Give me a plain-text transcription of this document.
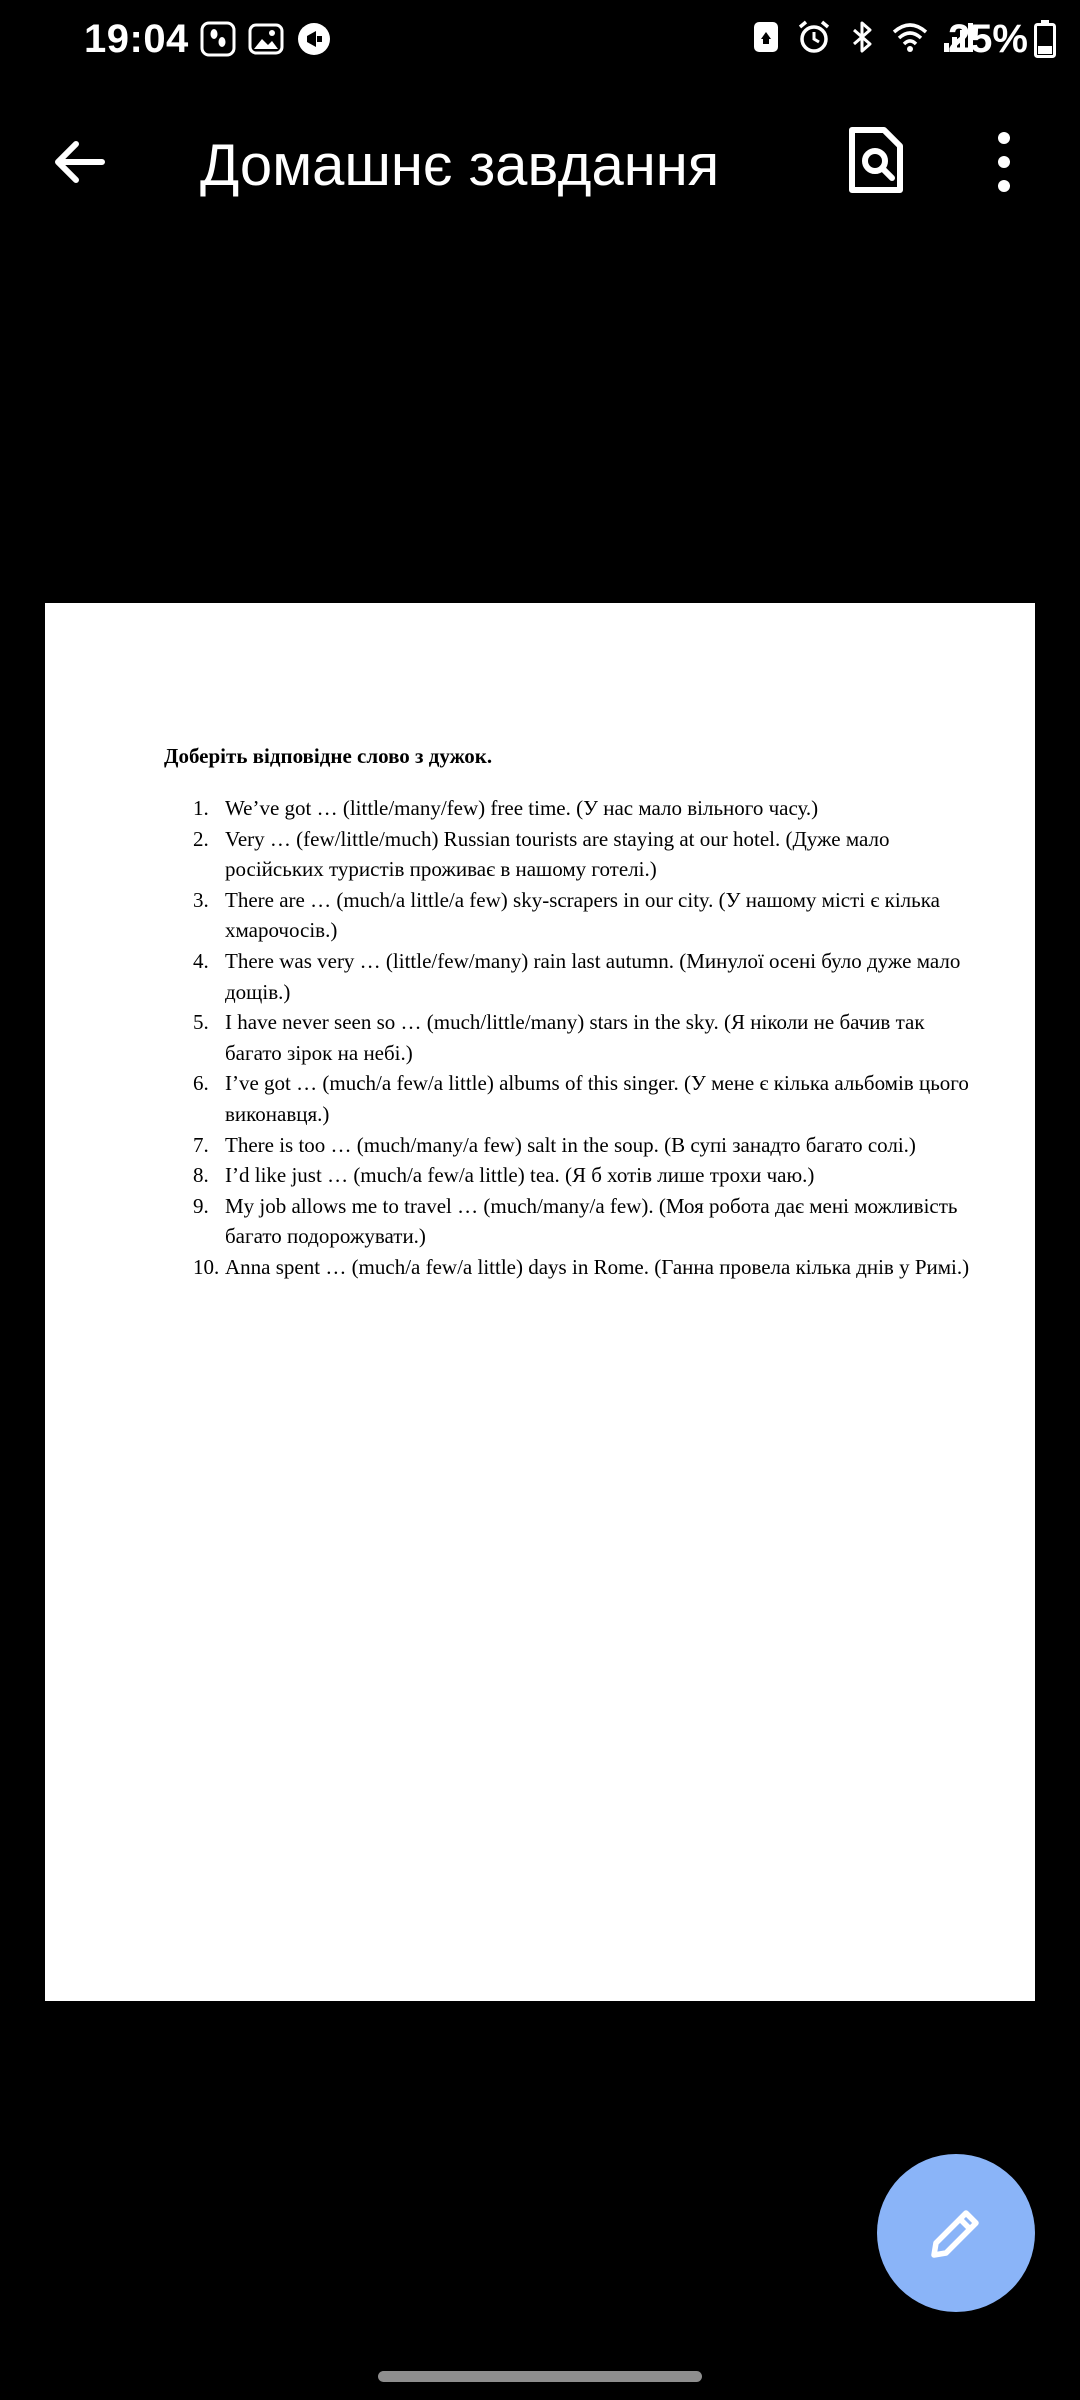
19:04	25%
Домашнє завдання
Доберіть відповідне слово з дужок.
1. We’ve got … (little/many/few) free time. (У нас мало вільного часу.)
2. Very … (few/little/much) Russian tourists are staying at our hotel. (Дуже мало російських туристів проживає в нашому готелі.)
3. There are … (much/a little/a few) sky-scrapers in our city. (У нашому місті є кілька хмарочосів.)
4. There was very … (little/few/many) rain last autumn. (Минулої осені було дуже мало дощів.)
5. I have never seen so … (much/little/many) stars in the sky. (Я ніколи не бачив так багато зірок на небі.)
6. I’ve got … (much/a few/a little) albums of this singer. (У мене є кілька альбомів цього виконавця.)
7. There is too … (much/many/a few) salt in the soup. (В супі занадто багато солі.)
8. I’d like just … (much/a few/a little) tea. (Я б хотів лише трохи чаю.)
9. My job allows me to travel … (much/many/a few). (Моя робота дає мені можливість багато подорожувати.)
10. Anna spent … (much/a few/a little) days in Rome. (Ганна провела кілька днів у Римі.)
